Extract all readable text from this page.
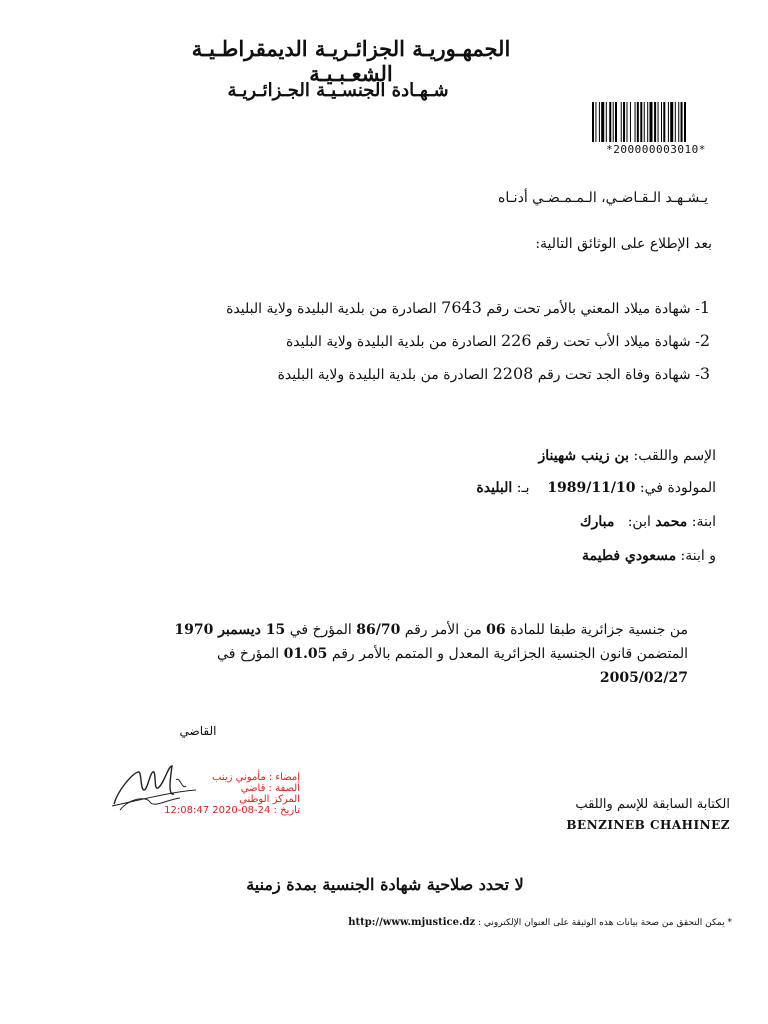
الجمهـوريـة الجزائـريـة الديمقراطـيـة الشعـبـيـة
شـهـادة الجنسـيـة الجـزائـريـة
*200000003010*
يـشـهـد الـقـاضـي، الـمـمـضـي أدنـاه
بعد الإطلاع على الوثائق التالية:
1- شهادة ميلاد المعني بالأمر تحت رقم 7643 الصادرة من بلدية البليدة ولاية البليدة
2- شهادة ميلاد الأب تحت رقم 226 الصادرة من بلدية البليدة ولاية البليدة
3- شهادة وفاة الجد تحت رقم 2208 الصادرة من بلدية البليدة ولاية البليدة
الإسم واللقب: بن زينب شهيناز
المولودة في: 1989/11/10    بـ: البليدة
ابنة: محمد ابن:   مبارك
و ابنة: مسعودي فطيمة
من جنسية جزائرية طبقا للمادة 06 من الأمر رقم 86/70 المؤرخ في 15 ديسمبر 1970
المتضمن قانون الجنسية الجزائرية المعدل و المتمم بالأمر رقم 01.05 المؤرخ في 2005/02/27
القاضي
إمضاء : مأموني زينب
الصفة : قاضي
المركز الوطني
تاريخ : 12:08:47 2020-08-24	الكتابة السابقة للإسم واللقب
BENZINEB CHAHINEZ
لا تحدد صلاحية شهادة الجنسية بمدة زمنية
* يمكن التحقق من صحة بيانات هذه الوثيقة على العنوان الإلكتروني : http://www.mjustice.dz
